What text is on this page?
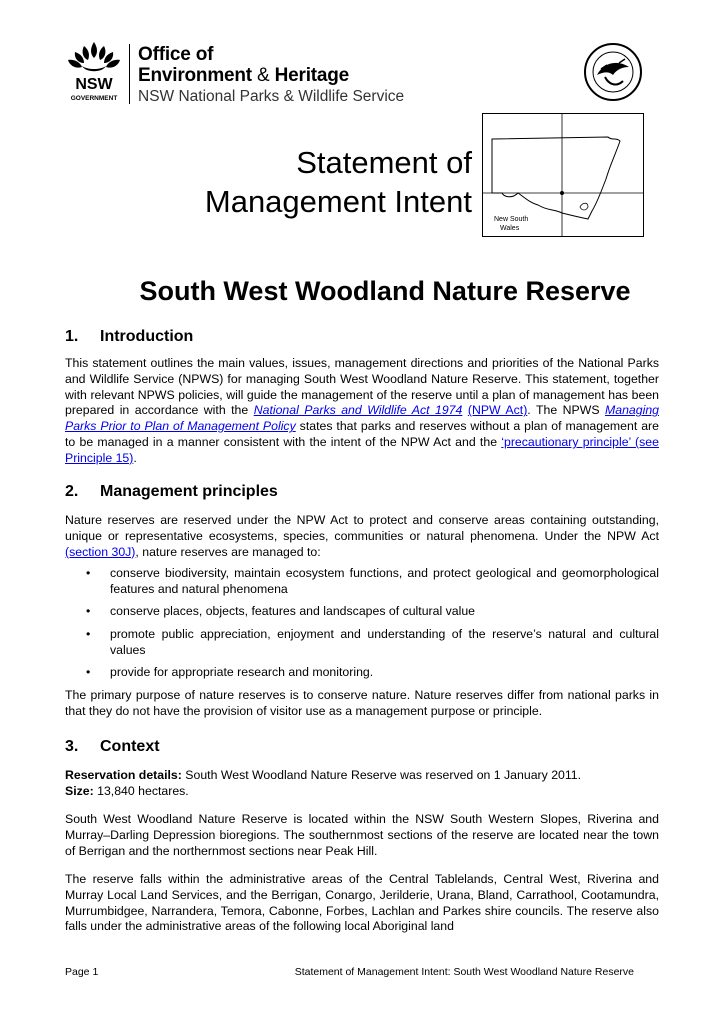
NSW
GOVERNMENT
Office of
Environment & Heritage
NSW National Parks & Wildlife Service
New South
Wales
Statement of
Management Intent
South West Woodland Nature Reserve
1. Introduction
This statement outlines the main values, issues, management directions and priorities of the National Parks and Wildlife Service (NPWS) for managing South West Woodland Nature Reserve. This statement, together with relevant NPWS policies, will guide the management of the reserve until a plan of management has been prepared in accordance with the National Parks and Wildlife Act 1974 (NPW Act). The NPWS Managing Parks Prior to Plan of Management Policy states that parks and reserves without a plan of management are to be managed in a manner consistent with the intent of the NPW Act and the ‘precautionary principle’ (see Principle 15).
2. Management principles
Nature reserves are reserved under the NPW Act to protect and conserve areas containing outstanding, unique or representative ecosystems, species, communities or natural phenomena. Under the NPW Act (section 30J), nature reserves are managed to:
• conserve biodiversity, maintain ecosystem functions, and protect geological and geomorphological features and natural phenomena
• conserve places, objects, features and landscapes of cultural value
• promote public appreciation, enjoyment and understanding of the reserve’s natural and cultural values
• provide for appropriate research and monitoring.
The primary purpose of nature reserves is to conserve nature. Nature reserves differ from national parks in that they do not have the provision of visitor use as a management purpose or principle.
3. Context
Reservation details: South West Woodland Nature Reserve was reserved on 1 January 2011.
Size: 13,840 hectares.
South West Woodland Nature Reserve is located within the NSW South Western Slopes, Riverina and Murray–Darling Depression bioregions. The southernmost sections of the reserve are located near the town of Berrigan and the northernmost sections near Peak Hill.
The reserve falls within the administrative areas of the Central Tablelands, Central West, Riverina and Murray Local Land Services, and the Berrigan, Conargo, Jerilderie, Urana, Bland, Carrathool, Cootamundra, Murrumbidgee, Narrandera, Temora, Cabonne, Forbes, Lachlan and Parkes shire councils. The reserve also falls under the administrative areas of the following local Aboriginal land
Page 1	Statement of Management Intent: South West Woodland Nature Reserve
